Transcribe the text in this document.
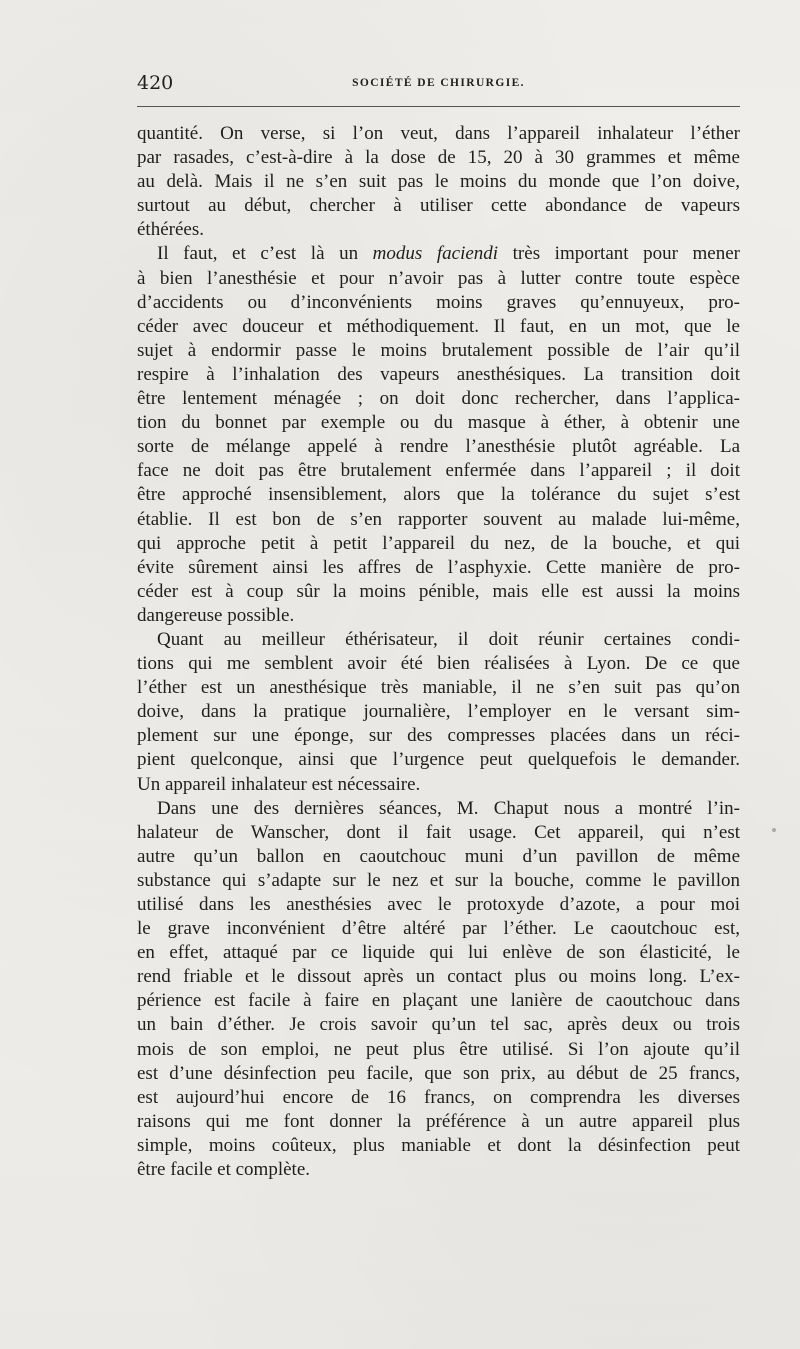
420	SOCIÉTÉ DE CHIRURGIE.

quantité. On verse, si l’on veut, dans l’appareil inhalateur l’éther
par rasades, c’est-à-dire à la dose de 15, 20 à 30 grammes et même
au delà. Mais il ne s’en suit pas le moins du monde que l’on doive,
surtout au début, chercher à utiliser cette abondance de vapeurs
éthérées.

Il faut, et c’est là un modus faciendi très important pour mener
à bien l’anesthésie et pour n’avoir pas à lutter contre toute espèce
d’accidents ou d’inconvénients moins graves qu’ennuyeux, pro-
céder avec douceur et méthodiquement. Il faut, en un mot, que le
sujet à endormir passe le moins brutalement possible de l’air qu’il
respire à l’inhalation des vapeurs anesthésiques. La transition doit
être lentement ménagée ; on doit donc rechercher, dans l’applica-
tion du bonnet par exemple ou du masque à éther, à obtenir une
sorte de mélange appelé à rendre l’anesthésie plutôt agréable. La
face ne doit pas être brutalement enfermée dans l’appareil ; il doit
être approché insensiblement, alors que la tolérance du sujet s’est
établie. Il est bon de s’en rapporter souvent au malade lui-même,
qui approche petit à petit l’appareil du nez, de la bouche, et qui
évite sûrement ainsi les affres de l’asphyxie. Cette manière de pro-
céder est à coup sûr la moins pénible, mais elle est aussi la moins
dangereuse possible.

Quant au meilleur éthérisateur, il doit réunir certaines condi-
tions qui me semblent avoir été bien réalisées à Lyon. De ce que
l’éther est un anesthésique très maniable, il ne s’en suit pas qu’on
doive, dans la pratique journalière, l’employer en le versant sim-
plement sur une éponge, sur des compresses placées dans un réci-
pient quelconque, ainsi que l’urgence peut quelquefois le demander.
Un appareil inhalateur est nécessaire.

Dans une des dernières séances, M. Chaput nous a montré l’in-
halateur de Wanscher, dont il fait usage. Cet appareil, qui n’est
autre qu’un ballon en caoutchouc muni d’un pavillon de même
substance qui s’adapte sur le nez et sur la bouche, comme le pavillon
utilisé dans les anesthésies avec le protoxyde d’azote, a pour moi
le grave inconvénient d’être altéré par l’éther. Le caoutchouc est,
en effet, attaqué par ce liquide qui lui enlève de son élasticité, le
rend friable et le dissout après un contact plus ou moins long. L’ex-
périence est facile à faire en plaçant une lanière de caoutchouc dans
un bain d’éther. Je crois savoir qu’un tel sac, après deux ou trois
mois de son emploi, ne peut plus être utilisé. Si l’on ajoute qu’il
est d’une désinfection peu facile, que son prix, au début de 25 francs,
est aujourd’hui encore de 16 francs, on comprendra les diverses
raisons qui me font donner la préférence à un autre appareil plus
simple, moins coûteux, plus maniable et dont la désinfection peut
être facile et complète.
